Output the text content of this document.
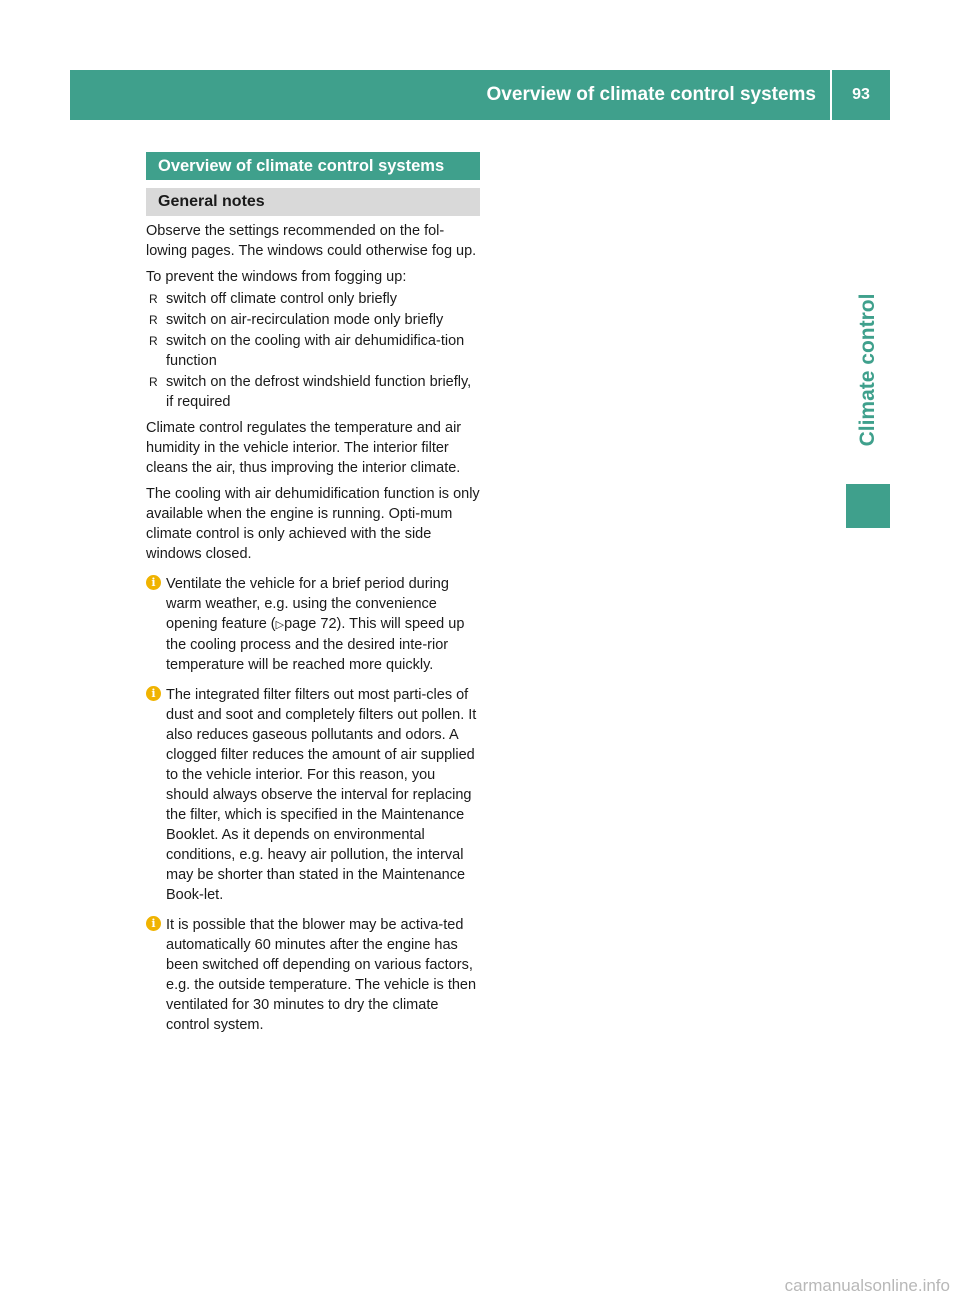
Overview of climate control systems	93
Climate control
Overview of climate control systems
General notes

Observe the settings recommended on the fol-lowing pages. The windows could otherwise fog up.

To prevent the windows from fogging up:

R switch off climate control only briefly
R switch on air-recirculation mode only briefly
R switch on the cooling with air dehumidifica-tion function
R switch on the defrost windshield function briefly, if required

Climate control regulates the temperature and air humidity in the vehicle interior. The interior filter cleans the air, thus improving the interior climate.

The cooling with air dehumidification function is only available when the engine is running. Opti-mum climate control is only achieved with the side windows closed.

i Ventilate the vehicle for a brief period during warm weather, e.g. using the convenience opening feature (▷page 72). This will speed up the cooling process and the desired inte-rior temperature will be reached more quickly.
i The integrated filter filters out most parti-cles of dust and soot and completely filters out pollen. It also reduces gaseous pollutants and odors. A clogged filter reduces the amount of air supplied to the vehicle interior. For this reason, you should always observe the interval for replacing the filter, which is specified in the Maintenance Booklet. As it depends on environmental conditions, e.g. heavy air pollution, the interval may be shorter than stated in the Maintenance Book-let.
i It is possible that the blower may be activa-ted automatically 60 minutes after the engine has been switched off depending on various factors, e.g. the outside temperature. The vehicle is then ventilated for 30 minutes to dry the climate control system.
carmanualsonline.info
